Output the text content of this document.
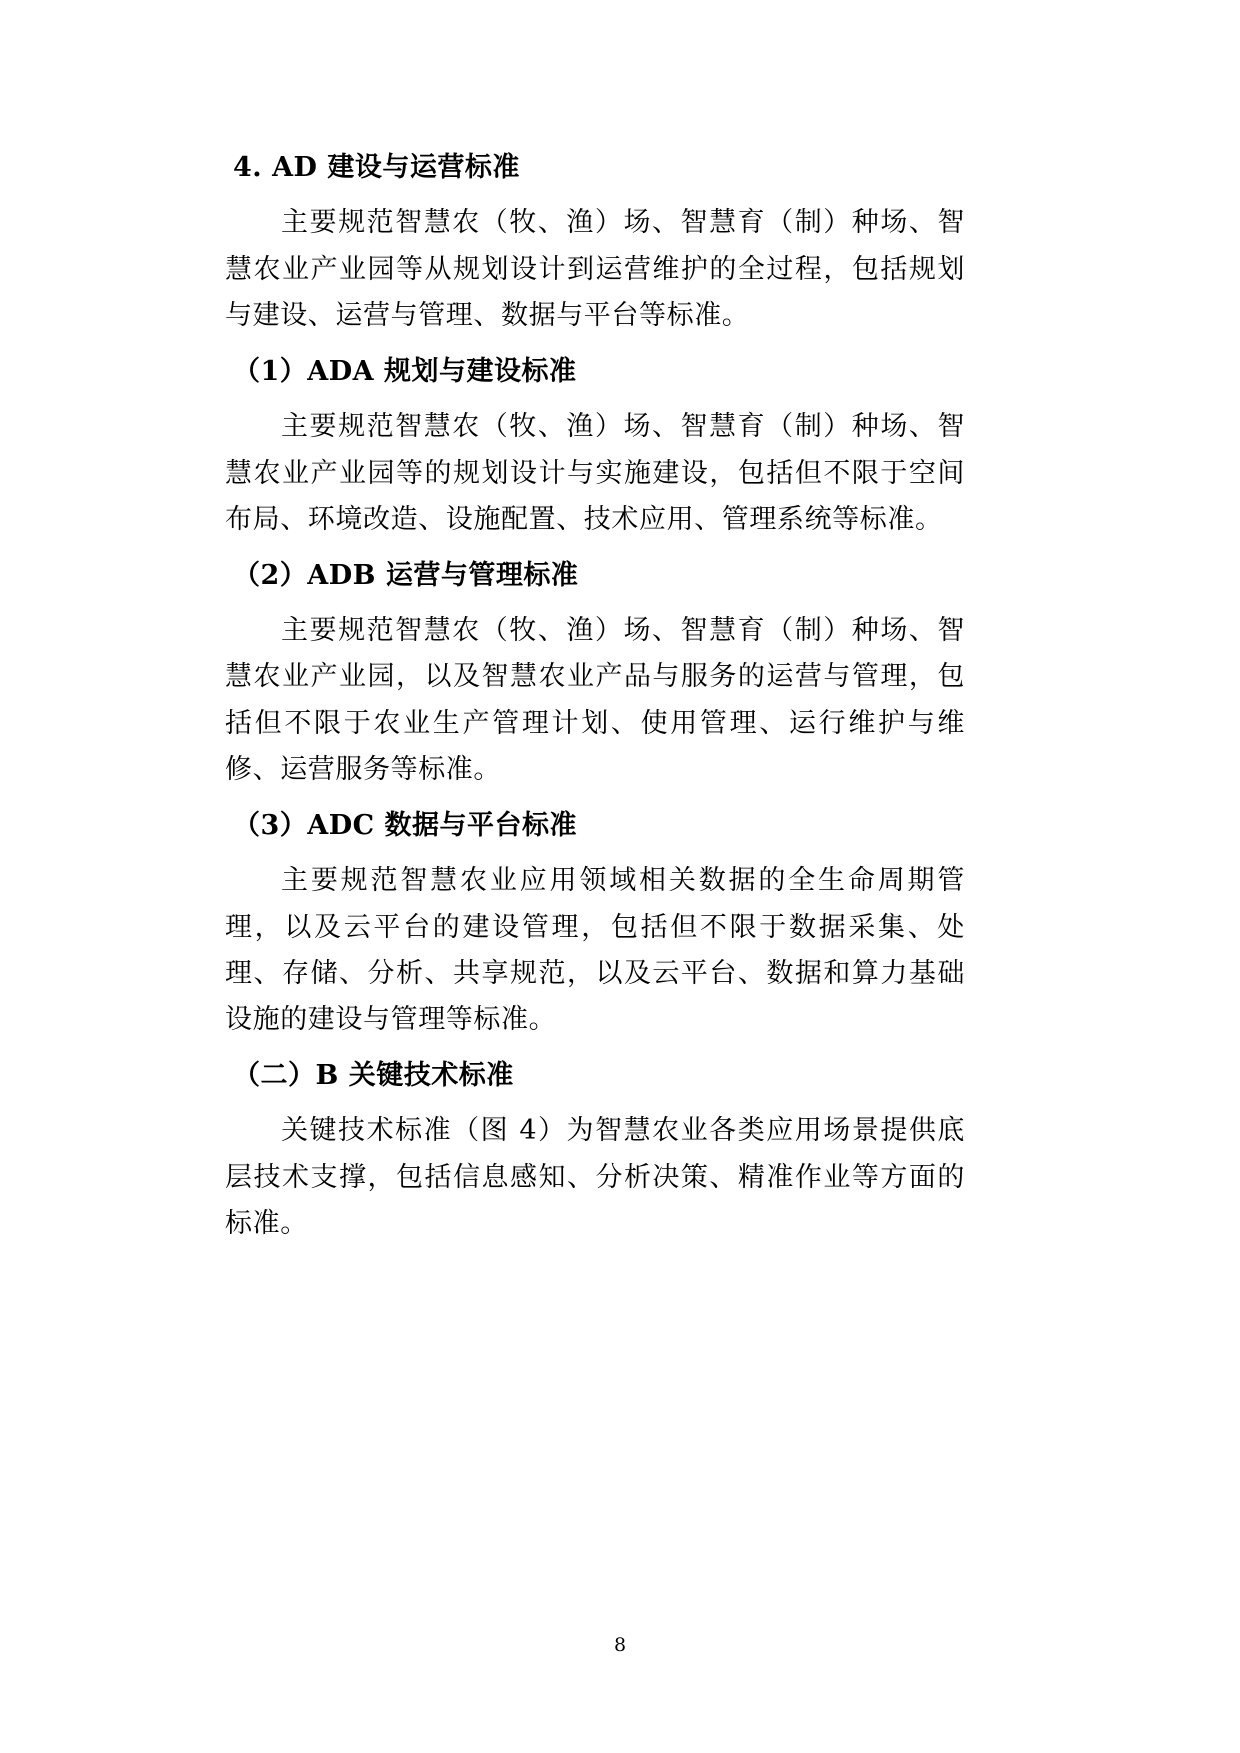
4. AD 建设与运营标准

主要规范智慧农（牧、渔）场、智慧育（制）种场、智慧农业产业园等从规划设计到运营维护的全过程，包括规划与建设、运营与管理、数据与平台等标准。

（1）ADA 规划与建设标准

主要规范智慧农（牧、渔）场、智慧育（制）种场、智慧农业产业园等的规划设计与实施建设，包括但不限于空间布局、环境改造、设施配置、技术应用、管理系统等标准。

（2）ADB 运营与管理标准

主要规范智慧农（牧、渔）场、智慧育（制）种场、智慧农业产业园，以及智慧农业产品与服务的运营与管理，包括但不限于农业生产管理计划、使用管理、运行维护与维修、运营服务等标准。

（3）ADC 数据与平台标准

主要规范智慧农业应用领域相关数据的全生命周期管理，以及云平台的建设管理，包括但不限于数据采集、处理、存储、分析、共享规范，以及云平台、数据和算力基础设施的建设与管理等标准。

（二）B 关键技术标准

关键技术标准（图 4）为智慧农业各类应用场景提供底层技术支撑，包括信息感知、分析决策、精准作业等方面的标准。

8
